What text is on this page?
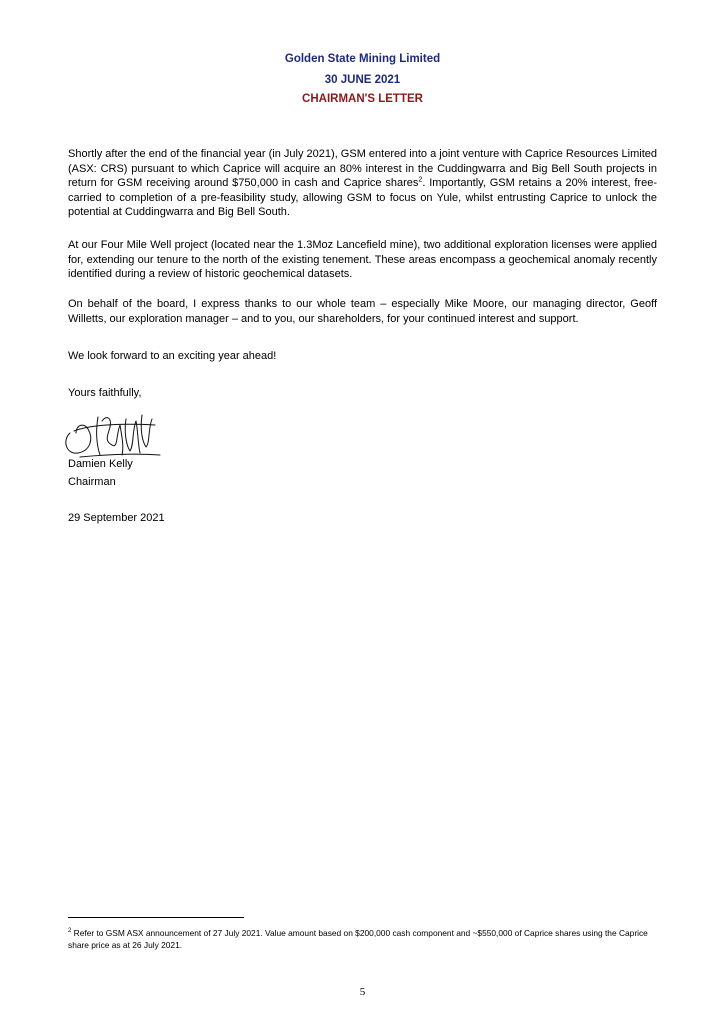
Golden State Mining Limited
30 JUNE 2021
CHAIRMAN'S LETTER

Shortly after the end of the financial year (in July 2021), GSM entered into a joint venture with Caprice Resources Limited (ASX: CRS) pursuant to which Caprice will acquire an 80% interest in the Cuddingwarra and Big Bell South projects in return for GSM receiving around $750,000 in cash and Caprice shares$^2$. Importantly, GSM retains a 20% interest, free-carried to completion of a pre-feasibility study, allowing GSM to focus on Yule, whilst entrusting Caprice to unlock the potential at Cuddingwarra and Big Bell South.

At our Four Mile Well project (located near the 1.3Moz Lancefield mine), two additional exploration licenses were applied for, extending our tenure to the north of the existing tenement. These areas encompass a geochemical anomaly recently identified during a review of historic geochemical datasets.

On behalf of the board, I express thanks to our whole team – especially Mike Moore, our managing director, Geoff Willetts, our exploration manager – and to you, our shareholders, for your continued interest and support.

We look forward to an exciting year ahead!

Yours faithfully,
Damien Kelly
Chairman
29 September 2021

$^2$ Refer to GSM ASX announcement of 27 July 2021. Value amount based on $200,000 cash component and ~$550,000 of Caprice shares using the Caprice share price as at 26 July 2021.

5
